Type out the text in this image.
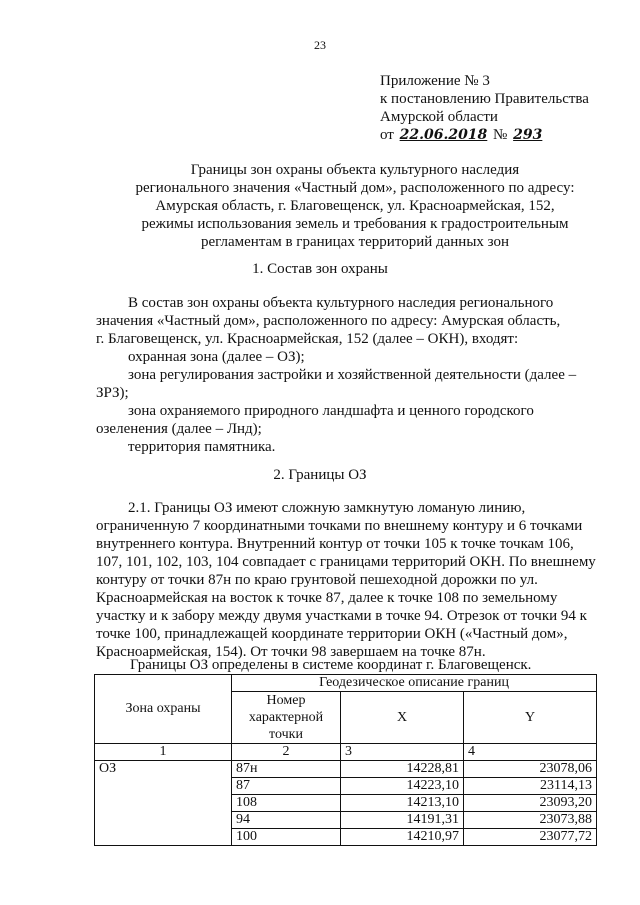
23
Приложение № 3
к постановлению Правительства
Амурской области
от 22.06.2018 № 293
Границы зон охраны объекта культурного наследия
регионального значения «Частный дом», расположенного по адресу:
Амурская область, г. Благовещенск, ул. Красноармейская, 152,
режимы использования земель и требования к градостроительным
регламентам в границах территорий данных зон
1. Состав зон охраны
В состав зон охраны объекта культурного наследия регионального
значения «Частный дом», расположенного по адресу: Амурская область,
г. Благовещенск, ул. Красноармейская, 152 (далее – ОКН), входят:
охранная зона (далее – ОЗ);
зона регулирования застройки и хозяйственной деятельности (далее –
ЗРЗ);
зона охраняемого природного ландшафта и ценного городского
озеленения (далее – Лнд);
территория памятника.
2. Границы ОЗ
2.1. Границы ОЗ имеют сложную замкнутую ломаную линию,
ограниченную 7 координатными точками по внешнему контуру и 6 точками
внутреннего контура. Внутренний контур от точки 105 к точке точкам 106,
107, 101, 102, 103, 104 совпадает с границами территорий ОКН. По внешнему
контуру от точки 87н по краю грунтовой пешеходной дорожки по ул.
Красноармейская на восток к точке 87, далее к точке 108 по земельному
участку и к забору между двумя участками в точке 94. Отрезок от точки 94 к
точке 100, принадлежащей координате территории ОКН («Частный дом»,
Красноармейская, 154). От точки 98 завершаем на точке 87н.
Границы ОЗ определены в системе координат г. Благовещенск.
Зона охраны	Геодезическое описание границ		
	Номер характерной точки	X	Y
1	2	3	4
ОЗ	87н	14228,81	23078,06
	87	14223,10	23114,13
	108	14213,10	23093,20
	94	14191,31	23073,88
	100	14210,97	23077,72
